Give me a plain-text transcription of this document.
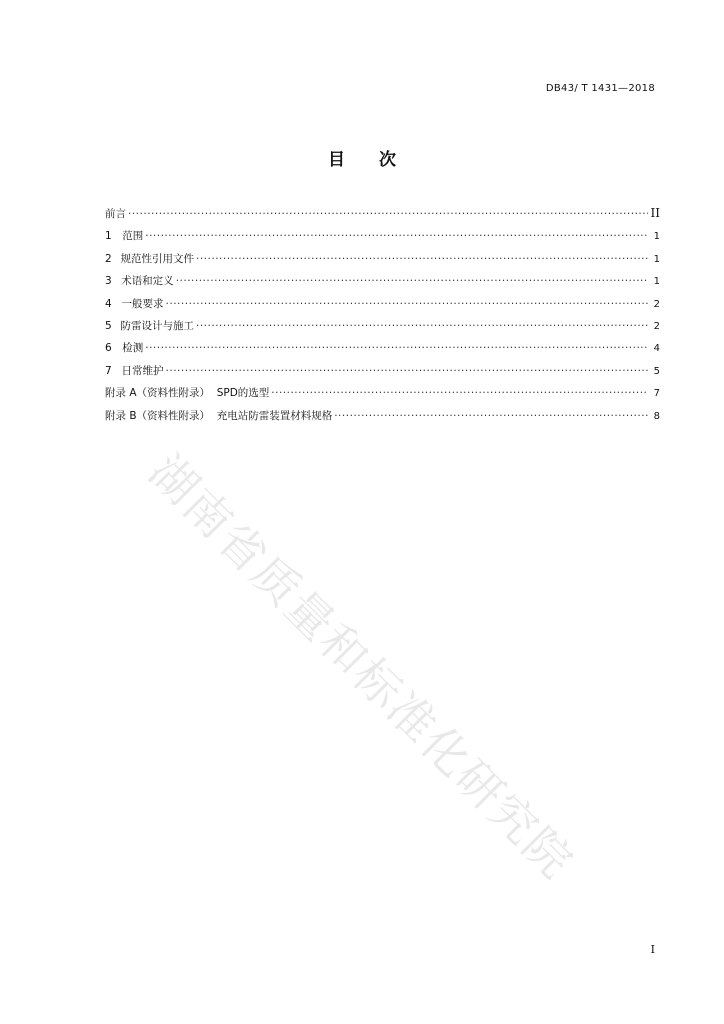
DB43/ T 1431—2018
目次
前言 ·····	II
1	范围 ·····	1
2 规范性引用文件 ·····	1
3 术语和定义 ·····	1
4 一般要求 ·····	2
5 防雷设计与施工 ·····	2
6	检测 ·····	4
7 日常维护 ·····	5
附录 A（资料性附录）  SPD的选型 ·····	7
附录 B（资料性附录）  充电站防雷装置材料规格 ·····	8
湖南省质量和标准化研究院
I
